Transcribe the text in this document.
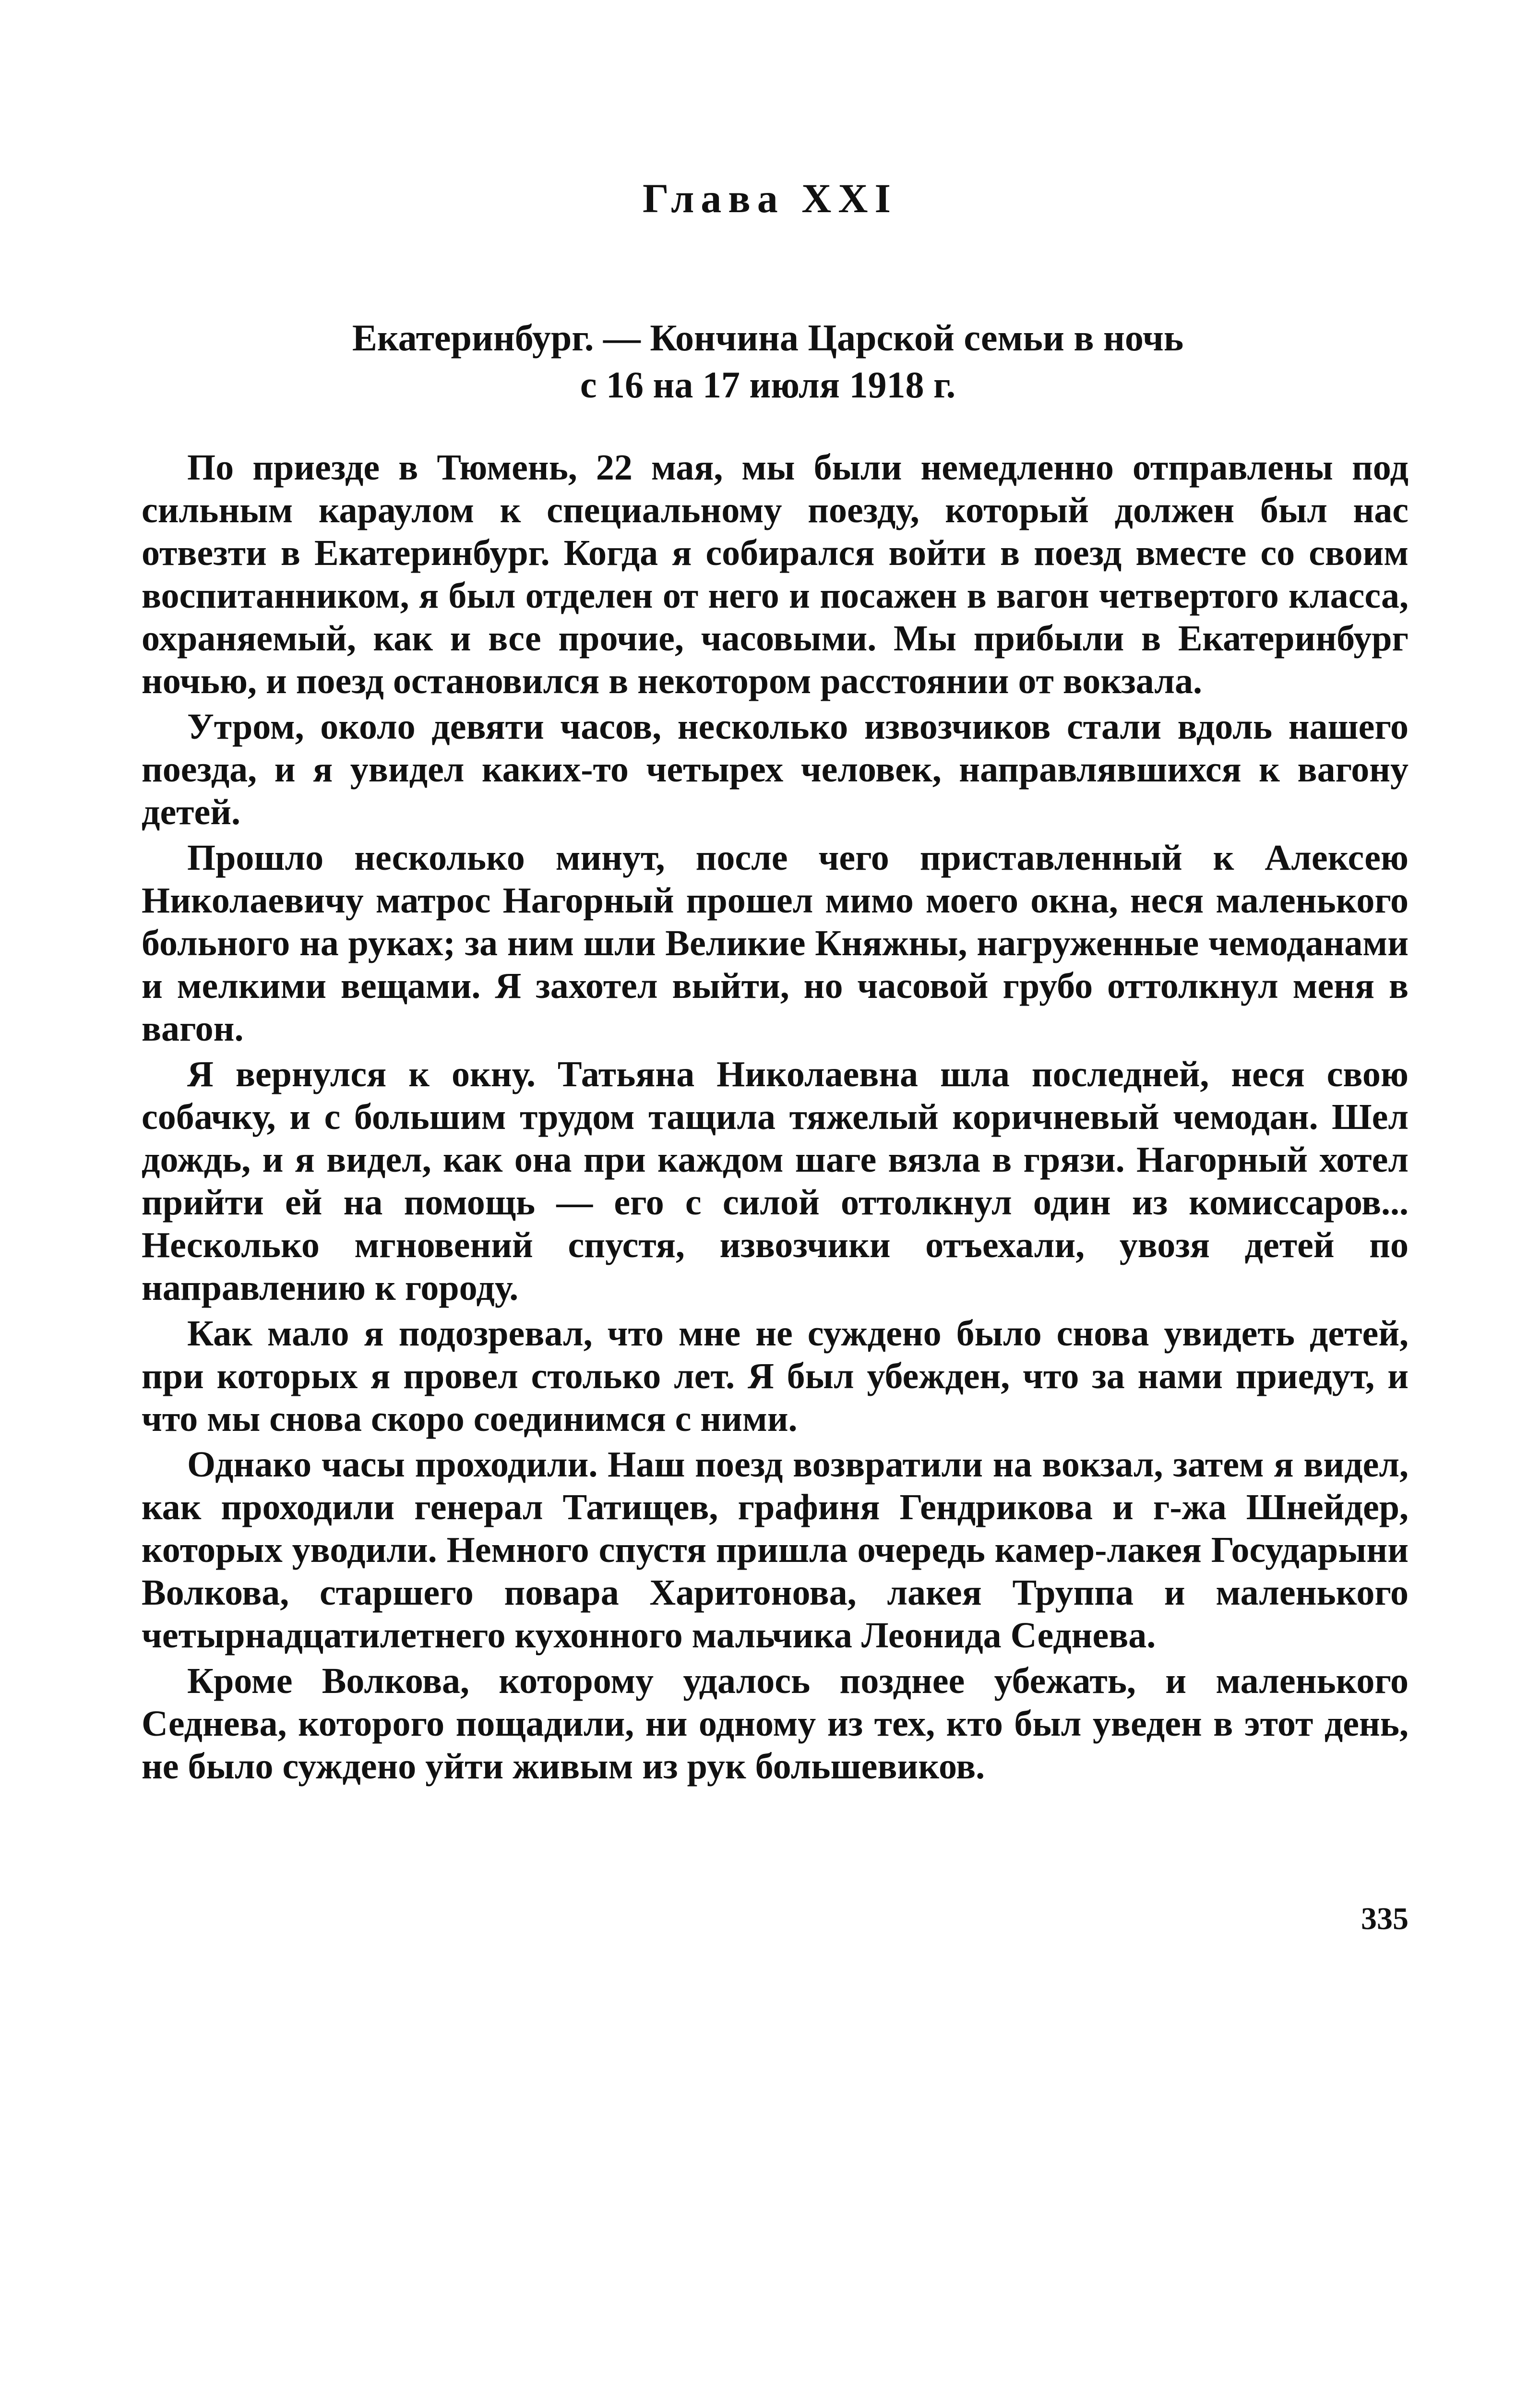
Глава XXI
Екатеринбург. — Кончина Царской семьи в ночь
с 16 на 17 июля 1918 г.

По приезде в Тюмень, 22 мая, мы были немедленно отправлены под сильным караулом к специальному поезду, который должен был нас отвезти в Екатеринбург. Когда я собирался войти в поезд вместе со своим воспитанником, я был отделен от него и посажен в вагон четвертого класса, охраняемый, как и все прочие, часовыми. Мы прибыли в Екатеринбург ночью, и поезд остановился в некотором расстоянии от вокзала.

Утром, около девяти часов, несколько извозчиков стали вдоль нашего поезда, и я увидел каких-то четырех человек, направлявшихся к вагону детей.

Прошло несколько минут, после чего приставленный к Алексею Николаевичу матрос Нагорный прошел мимо моего окна, неся маленького больного на руках; за ним шли Великие Княжны, нагруженные чемоданами и мелкими вещами. Я захотел выйти, но часовой грубо оттолкнул меня в вагон.

Я вернулся к окну. Татьяна Николаевна шла последней, неся свою собачку, и с большим трудом тащила тяжелый коричневый чемодан. Шел дождь, и я видел, как она при каждом шаге вязла в грязи. Нагорный хотел прийти ей на помощь — его с силой оттолкнул один из комиссаров... Несколько мгновений спустя, извозчики отъехали, увозя детей по направлению к городу.

Как мало я подозревал, что мне не суждено было снова увидеть детей, при которых я провел столько лет. Я был убежден, что за нами приедут, и что мы снова скоро соединимся с ними.

Однако часы проходили. Наш поезд возвратили на вокзал, затем я видел, как проходили генерал Татищев, графиня Гендрикова и г-жа Шнейдер, которых уводили. Немного спустя пришла очередь камер-лакея Государыни Волкова, старшего повара Харитонова, лакея Труппа и маленького четырнадцатилетнего кухонного мальчика Леонида Седнева.

Кроме Волкова, которому удалось позднее убежать, и маленького Седнева, которого пощадили, ни одному из тех, кто был уведен в этот день, не было суждено уйти живым из рук большевиков.

335
